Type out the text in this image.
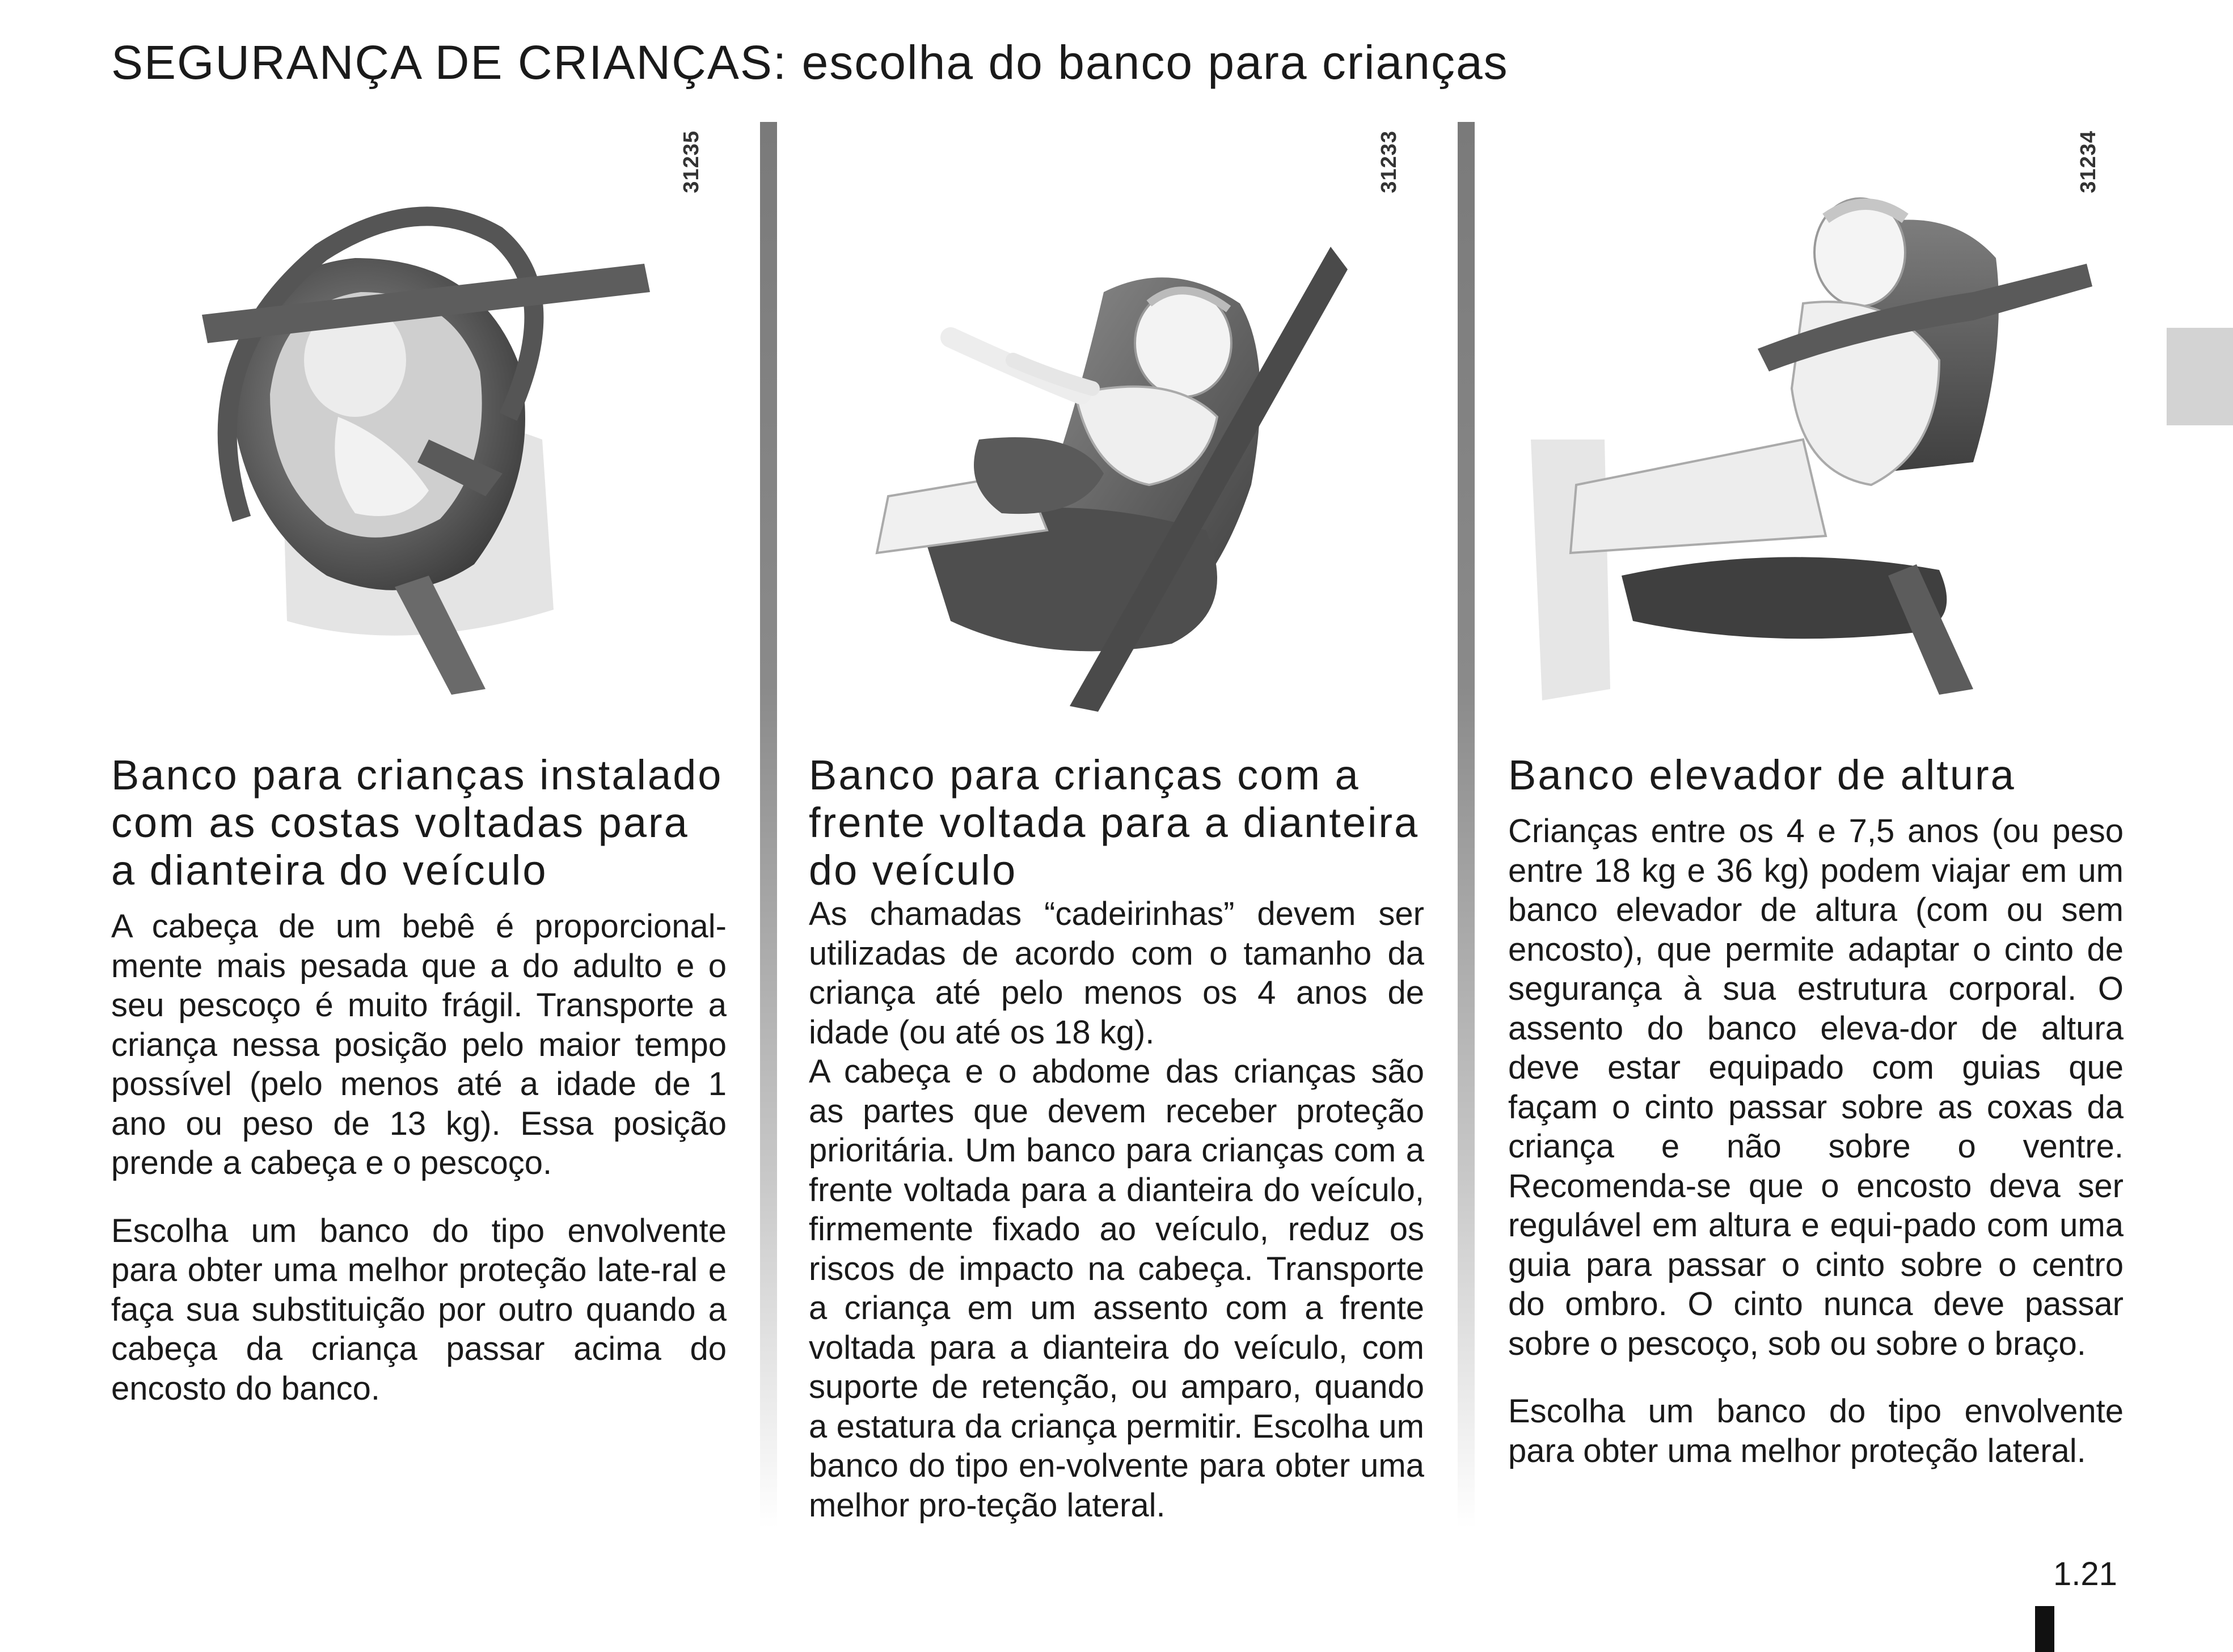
SEGURANÇA DE CRIANÇAS: escolha do banco para crianças
31235
Banco para crianças instalado com as costas voltadas para a dianteira do veículo

A cabeça de um bebê é proporcional-mente mais pesada que a do adulto e o seu pescoço é muito frágil. Transporte a criança nessa posição pelo maior tempo possível (pelo menos até a idade de 1 ano ou peso de 13 kg). Essa posição prende a cabeça e o pescoço.

Escolha um banco do tipo envolvente para obter uma melhor proteção late-ral e faça sua substituição por outro quando a cabeça da criança passar acima do encosto do banco.

31233
Banco para crianças com a frente voltada para a dianteira do veículo

As chamadas “cadeirinhas” devem ser utilizadas de acordo com o tamanho da criança até pelo menos os 4 anos de idade (ou até os 18 kg).

A cabeça e o abdome das crianças são as partes que devem receber proteção prioritária. Um banco para crianças com a frente voltada para a dianteira do veículo, firmemente fixado ao veículo, reduz os riscos de impacto na cabeça. Transporte a criança em um assento com a frente voltada para a dianteira do veículo, com suporte de retenção, ou amparo, quando a estatura da criança permitir. Escolha um banco do tipo en-volvente para obter uma melhor pro-teção lateral.

31234
Banco elevador de altura

Crianças entre os 4 e 7,5 anos (ou peso entre 18 kg e 36 kg) podem viajar em um banco elevador de altura (com ou sem encosto), que permite adaptar o cinto de segurança à sua estrutura corporal. O assento do banco eleva-dor de altura deve estar equipado com guias que façam o cinto passar sobre as coxas da criança e não sobre o ventre. Recomenda-se que o encosto deva ser regulável em altura e equi-pado com uma guia para passar o cinto sobre o centro do ombro. O cinto nunca deve passar sobre o pescoço, sob ou sobre o braço.

Escolha um banco do tipo envolvente para obter uma melhor proteção lateral.

1.21
